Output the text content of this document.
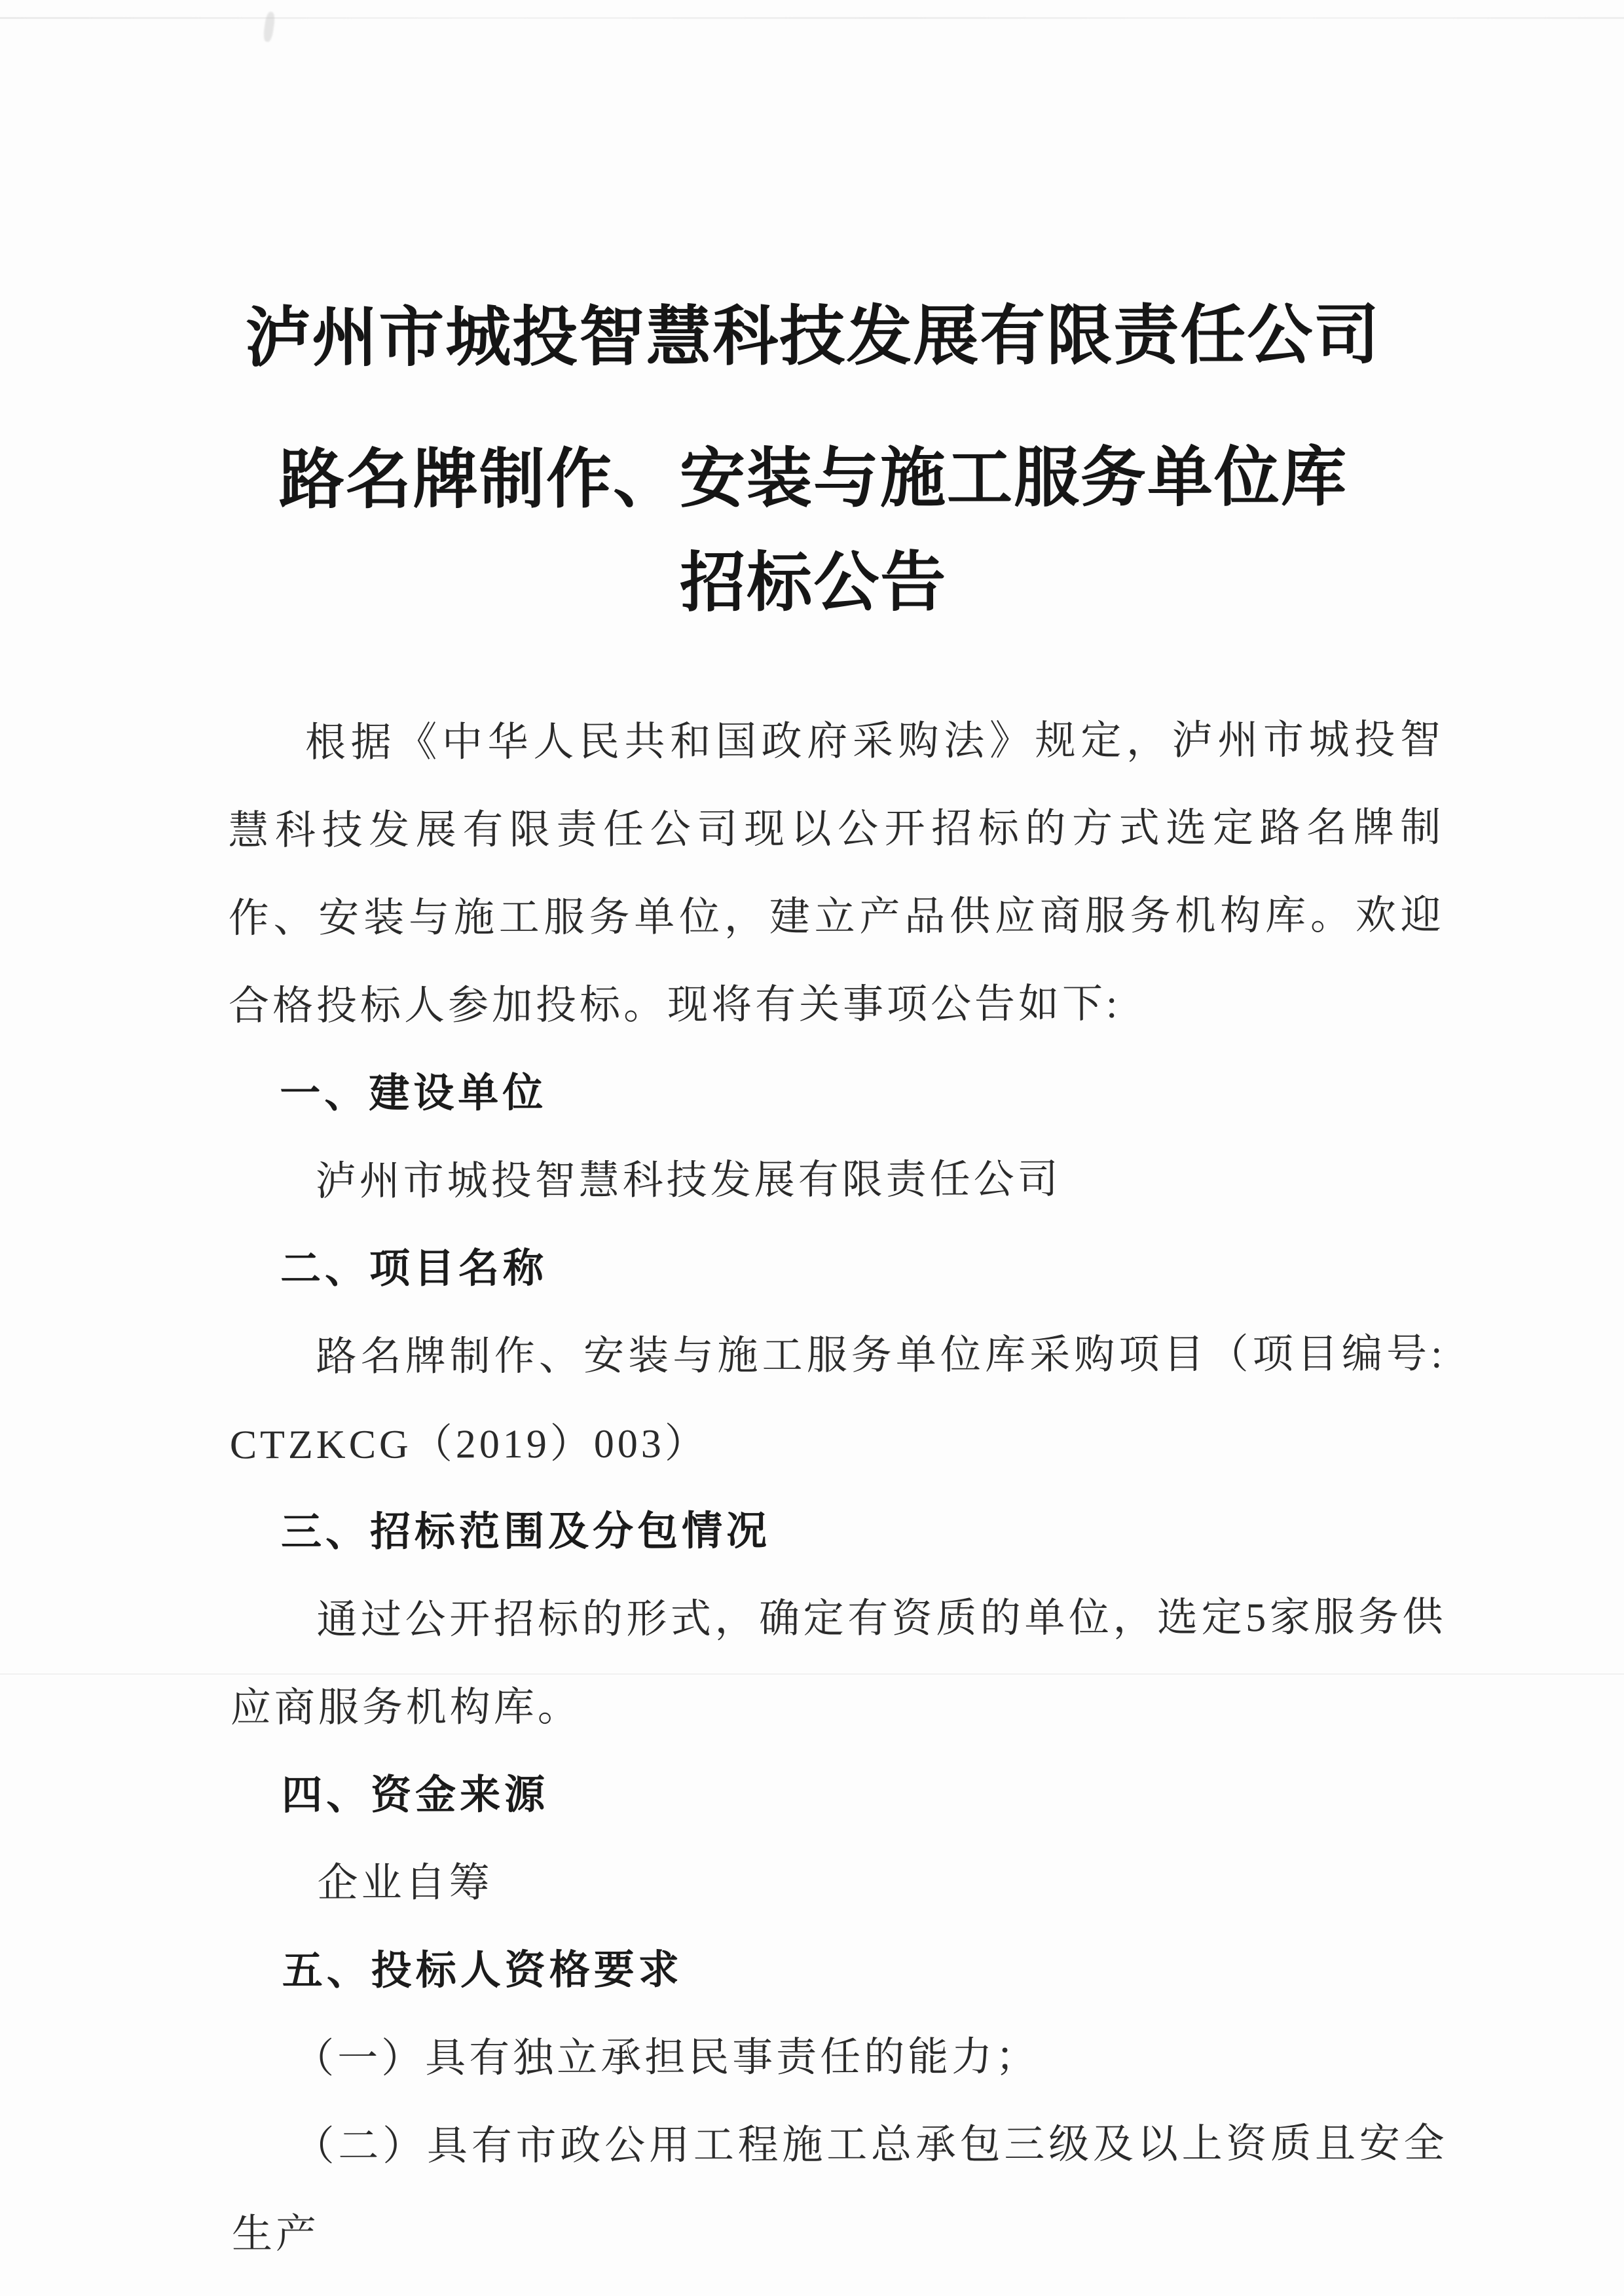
泸州市城投智慧科技发展有限责任公司
路名牌制作、安装与施工服务单位库
招标公告

根据《中华人民共和国政府采购法》规定，泸州市城投智慧科技发展有限责任公司现以公开招标的方式选定路名牌制作、安装与施工服务单位，建立产品供应商服务机构库。欢迎合格投标人参加投标。现将有关事项公告如下:

一、建设单位

泸州市城投智慧科技发展有限责任公司

二、项目名称

路名牌制作、安装与施工服务单位库采购项目（项目编号:CTZKCG（2019）003）

三、招标范围及分包情况

通过公开招标的形式，确定有资质的单位，选定5家服务供应商服务机构库。

四、资金来源

企业自筹

五、投标人资格要求

（一）具有独立承担民事责任的能力；

（二）具有市政公用工程施工总承包三级及以上资质且安全生产
